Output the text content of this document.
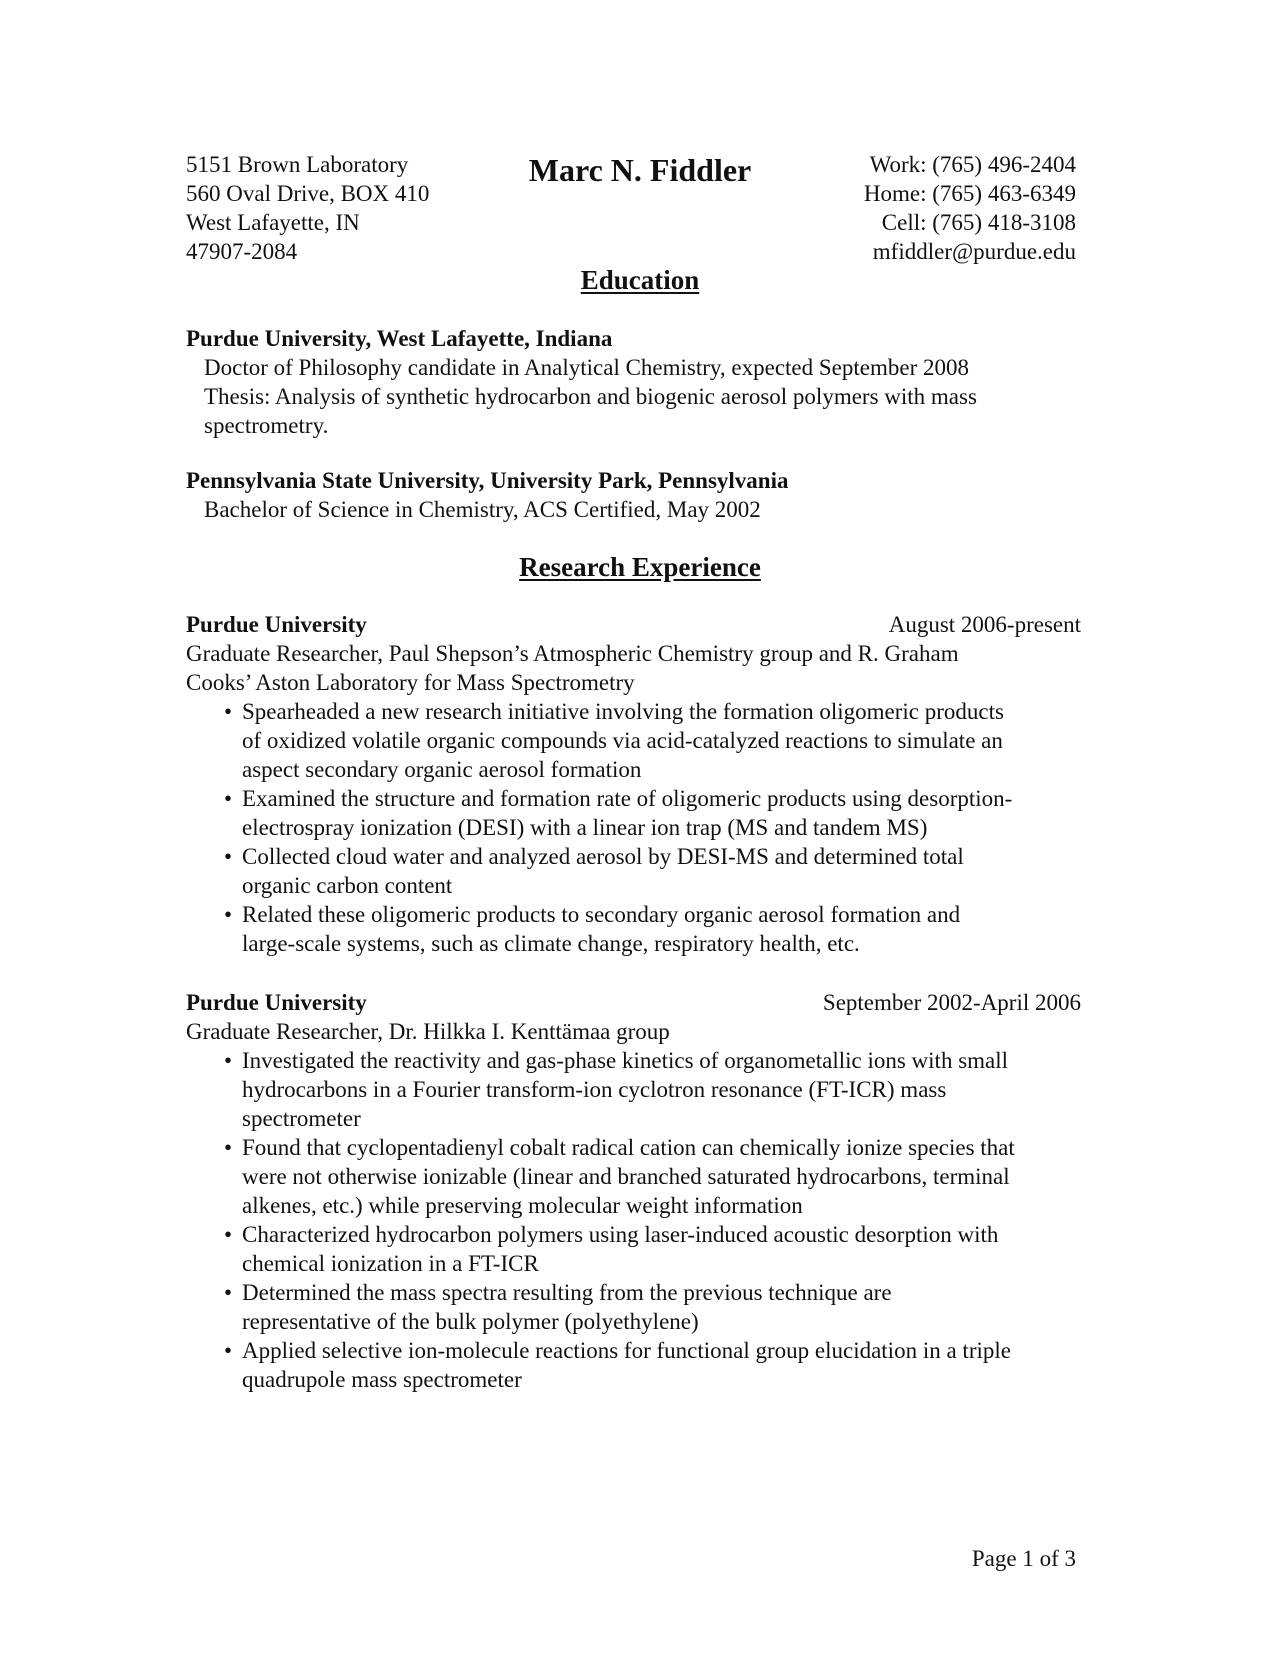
5151 Brown Laboratory
560 Oval Drive, BOX 410
West Lafayette, IN
47907-2084
Marc N. Fiddler	Work: (765) 496-2404
Home: (765) 463-6349
Cell: (765) 418-3108
mfiddler@purdue.edu
Education
Purdue University, West Lafayette, Indiana
Doctor of Philosophy candidate in Analytical Chemistry, expected September 2008
Thesis: Analysis of synthetic hydrocarbon and biogenic aerosol polymers with mass
spectrometry.
Pennsylvania State University, University Park, Pennsylvania
Bachelor of Science in Chemistry, ACS Certified, May 2002
Research Experience
Purdue University	August 2006-present
Graduate Researcher, Paul Shepson’s Atmospheric Chemistry group and R. Graham
Cooks’ Aston Laboratory for Mass Spectrometry
• Spearheaded a new research initiative involving the formation oligomeric products
of oxidized volatile organic compounds via acid-catalyzed reactions to simulate an
aspect secondary organic aerosol formation
• Examined the structure and formation rate of oligomeric products using desorption-
electrospray ionization (DESI) with a linear ion trap (MS and tandem MS)
• Collected cloud water and analyzed aerosol by DESI-MS and determined total
organic carbon content
• Related these oligomeric products to secondary organic aerosol formation and
large-scale systems, such as climate change, respiratory health, etc.
Purdue University	September 2002-April 2006
Graduate Researcher, Dr. Hilkka I. Kenttämaa group
• Investigated the reactivity and gas-phase kinetics of organometallic ions with small
hydrocarbons in a Fourier transform-ion cyclotron resonance (FT-ICR) mass
spectrometer
• Found that cyclopentadienyl cobalt radical cation can chemically ionize species that
were not otherwise ionizable (linear and branched saturated hydrocarbons, terminal
alkenes, etc.) while preserving molecular weight information
• Characterized hydrocarbon polymers using laser-induced acoustic desorption with
chemical ionization in a FT-ICR
• Determined the mass spectra resulting from the previous technique are
representative of the bulk polymer (polyethylene)
• Applied selective ion-molecule reactions for functional group elucidation in a triple
quadrupole mass spectrometer
Page 1 of 3
